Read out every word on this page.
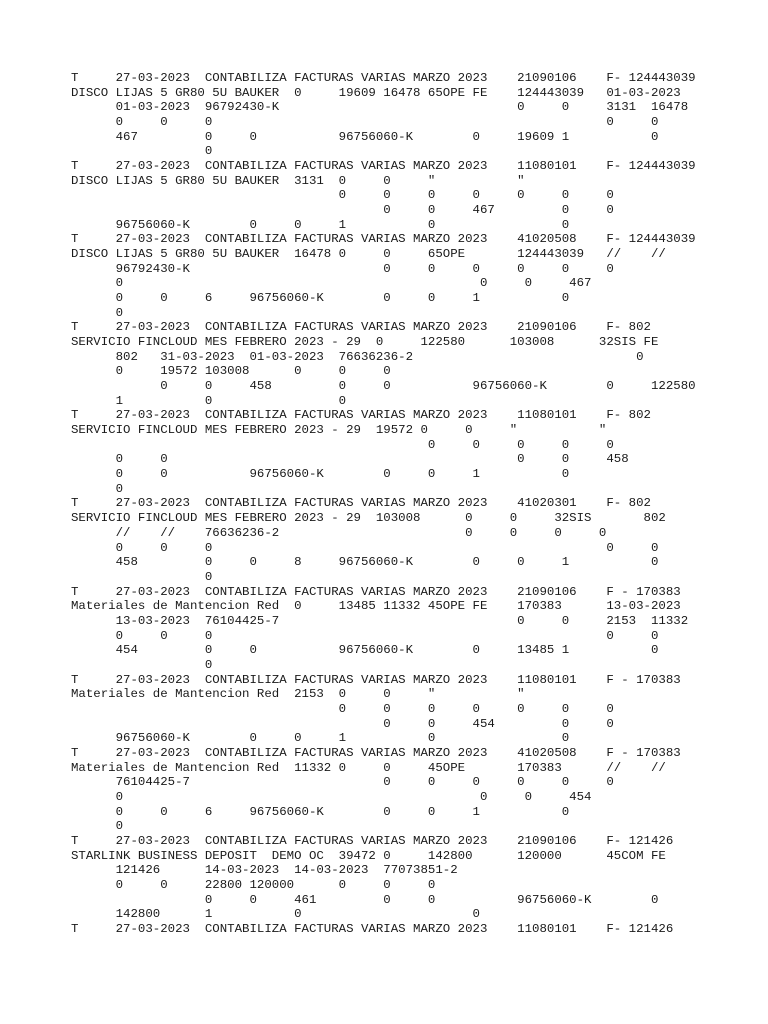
T     27-03-2023  CONTABILIZA FACTURAS VARIAS MARZO 2023    21090106    F- 124443039
DISCO LIJAS 5 GR80 5U BAUKER  0     19609 16478 65OPE FE    124443039   01-03-2023
01-03-2023  96792430-K                                0     0     3131  16478
0     0     0                                                     0     0
467         0     0           96756060-K        0     19609 1           0
0
T     27-03-2023  CONTABILIZA FACTURAS VARIAS MARZO 2023    11080101    F- 124443039
DISCO LIJAS 5 GR80 5U BAUKER  3131  0     0     "           "
0     0     0     0     0     0     0
0     0     467         0     0
96756060-K        0     0     1           0                 0
T     27-03-2023  CONTABILIZA FACTURAS VARIAS MARZO 2023    41020508    F- 124443039
DISCO LIJAS 5 GR80 5U BAUKER  16478 0     0     65OPE       124443039   //    //
96792430-K                          0     0     0     0     0     0
0                                                0     0     467
0     0     6     96756060-K        0     0     1           0
0
T     27-03-2023  CONTABILIZA FACTURAS VARIAS MARZO 2023    21090106    F- 802
SERVICIO FINCLOUD MES FEBRERO 2023 - 29  0     122580      103008      32SIS FE
802   31-03-2023  01-03-2023  76636236-2                              0
0     19572 103008      0     0     0
0     0     458         0     0           96756060-K        0     122580
1           0                 0
T     27-03-2023  CONTABILIZA FACTURAS VARIAS MARZO 2023    11080101    F- 802
SERVICIO FINCLOUD MES FEBRERO 2023 - 29  19572 0     0     "           "
0     0     0     0     0
0     0                                               0     0     458
0     0           96756060-K        0     0     1           0
0
T     27-03-2023  CONTABILIZA FACTURAS VARIAS MARZO 2023    41020301    F- 802
SERVICIO FINCLOUD MES FEBRERO 2023 - 29  103008      0     0     32SIS       802
//    //    76636236-2                         0     0     0     0
0     0     0                                                     0     0
458         0     0     8     96756060-K        0     0     1           0
0
T     27-03-2023  CONTABILIZA FACTURAS VARIAS MARZO 2023    21090106    F - 170383
Materiales de Mantencion Red  0     13485 11332 45OPE FE    170383      13-03-2023
13-03-2023  76104425-7                                0     0     2153  11332
0     0     0                                                     0     0
454         0     0           96756060-K        0     13485 1           0
0
T     27-03-2023  CONTABILIZA FACTURAS VARIAS MARZO 2023    11080101    F - 170383
Materiales de Mantencion Red  2153  0     0     "           "
0     0     0     0     0     0     0
0     0     454         0     0
96756060-K        0     0     1           0                 0
T     27-03-2023  CONTABILIZA FACTURAS VARIAS MARZO 2023    41020508    F - 170383
Materiales de Mantencion Red  11332 0     0     45OPE       170383      //    //
76104425-7                          0     0     0     0     0     0
0                                                0     0     454
0     0     6     96756060-K        0     0     1           0
0
T     27-03-2023  CONTABILIZA FACTURAS VARIAS MARZO 2023    21090106    F- 121426
STARLINK BUSINESS DEPOSIT  DEMO OC  39472 0     142800      120000      45COM FE
121426      14-03-2023  14-03-2023  77073851-2
0     0     22800 120000      0     0     0
0     0     461         0     0           96756060-K        0
142800      1           0                       0
T     27-03-2023  CONTABILIZA FACTURAS VARIAS MARZO 2023    11080101    F- 121426
